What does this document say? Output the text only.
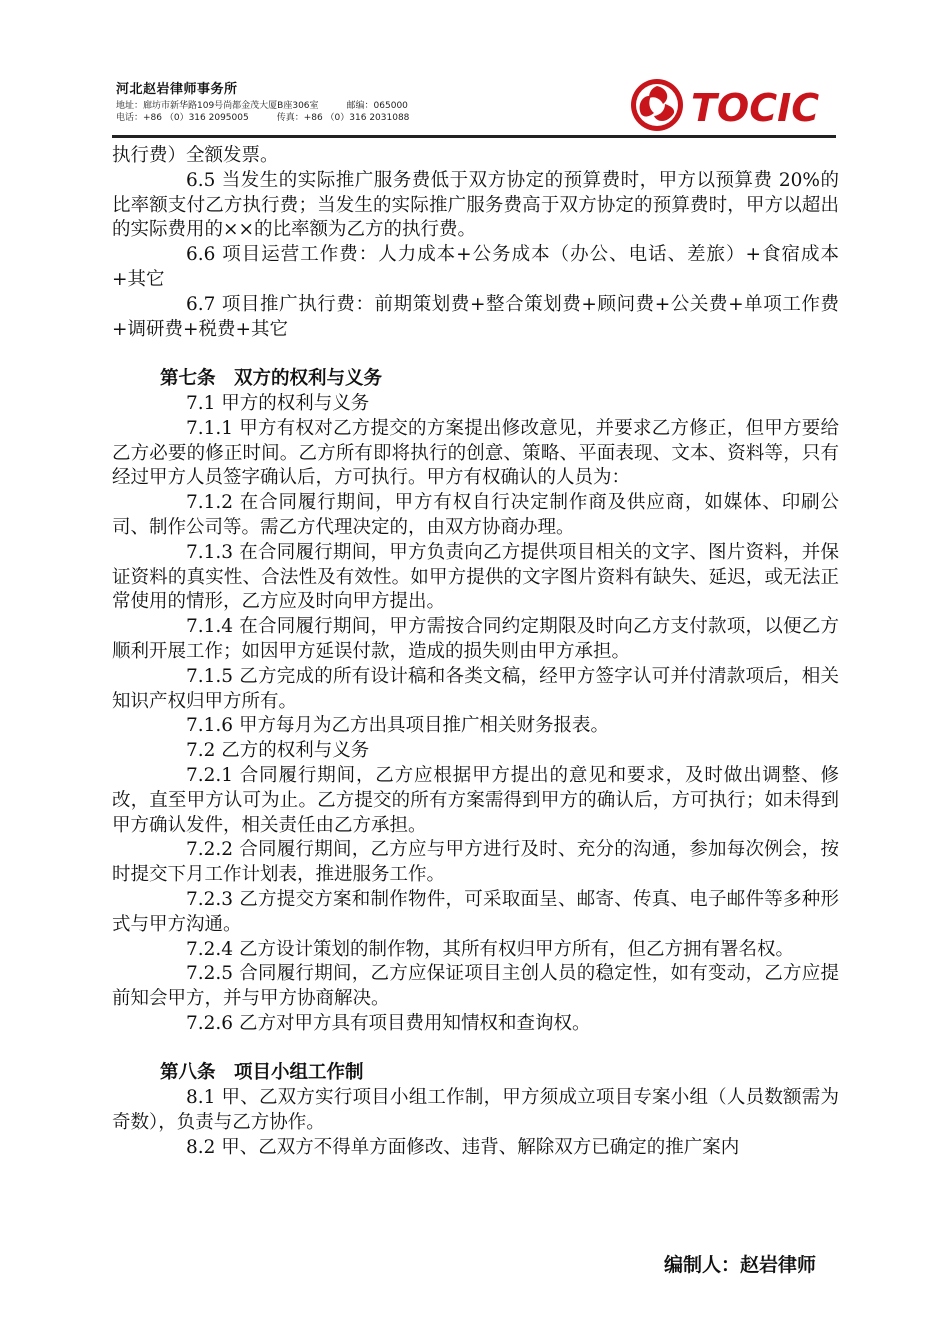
河北赵岩律师事务所
地址：廊坊市新华路109号尚都金茂大厦B座306室	邮编：065000
电话：+86 （0）316 2095005	传真：+86 （0）316 2031088	TOCIC

执行费）全额发票。

6.5 当发生的实际推广服务费低于双方协定的预算费时，甲方以预算费 20%的比率额支付乙方执行费；当发生的实际推广服务费高于双方协定的预算费时，甲方以超出的实际费用的××的比率额为乙方的执行费。

6.6 项目运营工作费：人力成本+公务成本（办公、电话、差旅）+食宿成本+其它

6.7 项目推广执行费：前期策划费+整合策划费+顾问费+公关费+单项工作费+调研费+税费+其它

第七条　双方的权利与义务

7.1 甲方的权利与义务

7.1.1 甲方有权对乙方提交的方案提出修改意见，并要求乙方修正，但甲方要给乙方必要的修正时间。乙方所有即将执行的创意、策略、平面表现、文本、资料等，只有经过甲方人员签字确认后，方可执行。甲方有权确认的人员为：

7.1.2 在合同履行期间，甲方有权自行决定制作商及供应商，如媒体、印刷公司、制作公司等。需乙方代理决定的，由双方协商办理。

7.1.3 在合同履行期间，甲方负责向乙方提供项目相关的文字、图片资料，并保证资料的真实性、合法性及有效性。如甲方提供的文字图片资料有缺失、延迟，或无法正常使用的情形，乙方应及时向甲方提出。

7.1.4 在合同履行期间，甲方需按合同约定期限及时向乙方支付款项，以便乙方顺利开展工作；如因甲方延误付款，造成的损失则由甲方承担。

7.1.5 乙方完成的所有设计稿和各类文稿，经甲方签字认可并付清款项后，相关知识产权归甲方所有。

7.1.6 甲方每月为乙方出具项目推广相关财务报表。

7.2 乙方的权利与义务

7.2.1 合同履行期间，乙方应根据甲方提出的意见和要求，及时做出调整、修改，直至甲方认可为止。乙方提交的所有方案需得到甲方的确认后，方可执行；如未得到甲方确认发件，相关责任由乙方承担。

7.2.2 合同履行期间，乙方应与甲方进行及时、充分的沟通，参加每次例会，按时提交下月工作计划表，推进服务工作。

7.2.3 乙方提交方案和制作物件，可采取面呈、邮寄、传真、电子邮件等多种形式与甲方沟通。

7.2.4 乙方设计策划的制作物，其所有权归甲方所有，但乙方拥有署名权。

7.2.5 合同履行期间，乙方应保证项目主创人员的稳定性，如有变动，乙方应提前知会甲方，并与甲方协商解决。

7.2.6 乙方对甲方具有项目费用知情权和查询权。

第八条　项目小组工作制

8.1 甲、乙双方实行项目小组工作制，甲方须成立项目专案小组（人员数额需为奇数），负责与乙方协作。

8.2 甲、乙双方不得单方面修改、违背、解除双方已确定的推广案内

编制人：赵岩律师
